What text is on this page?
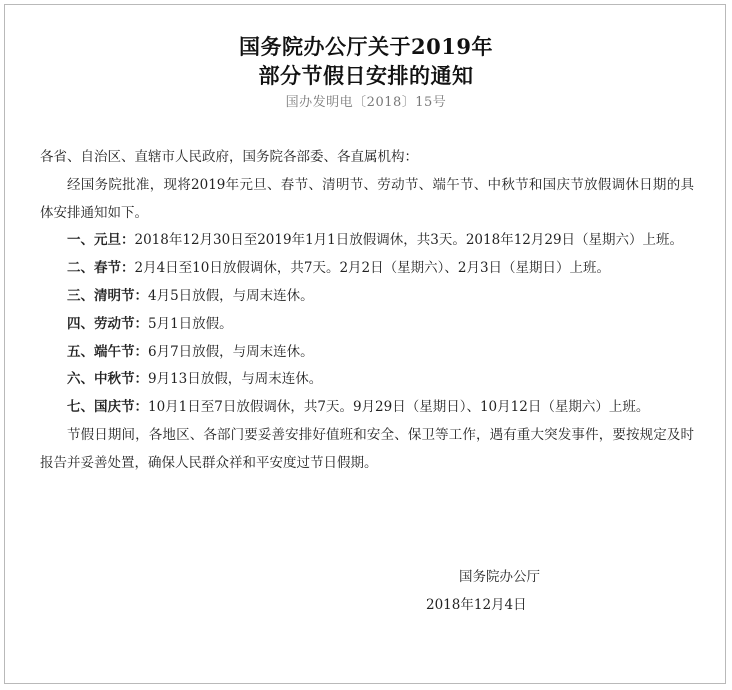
国务院办公厅关于2019年
部分节假日安排的通知
国办发明电〔2018〕15号

各省、自治区、直辖市人民政府，国务院各部委、各直属机构：

经国务院批准，现将2019年元旦、春节、清明节、劳动节、端午节、中秋节和国庆节放假调休日期的具体安排通知如下。

一、元旦：2018年12月30日至2019年1月1日放假调休，共3天。2018年12月29日（星期六）上班。

二、春节：2月4日至10日放假调休，共7天。2月2日（星期六）、2月3日（星期日）上班。

三、清明节：4月5日放假，与周末连休。

四、劳动节：5月1日放假。

五、端午节：6月7日放假，与周末连休。

六、中秋节：9月13日放假，与周末连休。

七、国庆节：10月1日至7日放假调休，共7天。9月29日（星期日）、10月12日（星期六）上班。

节假日期间，各地区、各部门要妥善安排好值班和安全、保卫等工作，遇有重大突发事件，要按规定及时报告并妥善处置，确保人民群众祥和平安度过节日假期。

国务院办公厅
2018年12月4日
